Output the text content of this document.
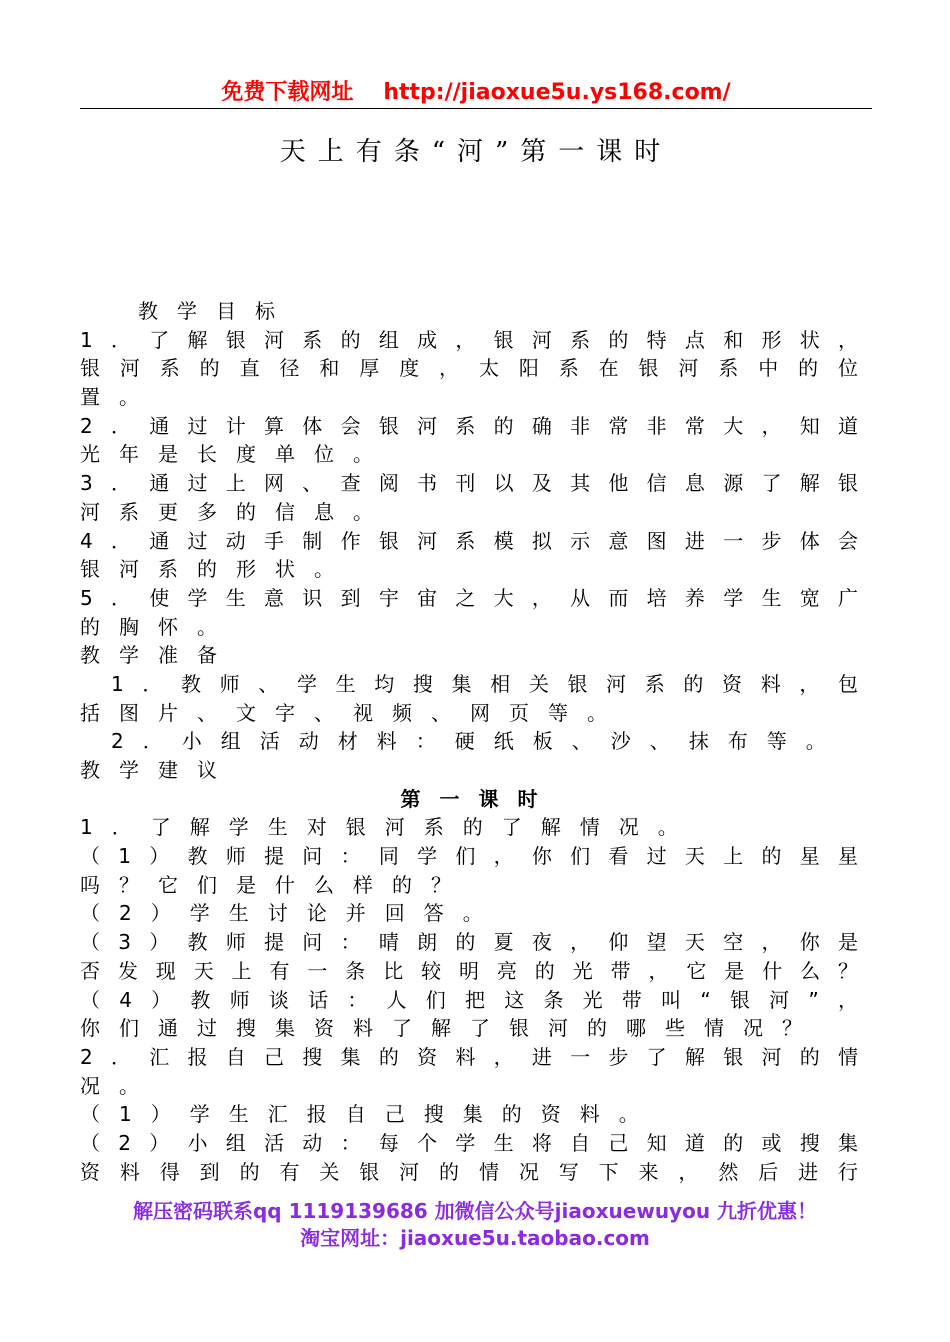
免费下载网址 http://jiaoxue5u.ys168.com/
天上有条“河”第一课时
教学目标
1．了解银河系的组成，银河系的特点和形状，
银河系的直径和厚度，太阳系在银河系中的位
置。
2．通过计算体会银河系的确非常非常大，知道
光年是长度单位。
3．通过上网、查阅书刊以及其他信息源了解银
河系更多的信息。
4．通过动手制作银河系模拟示意图进一步体会
银河系的形状。
5．使学生意识到宇宙之大，从而培养学生宽广
的胸怀。
教学准备
1．教师、学生均搜集相关银河系的资料，包
括图片、文字、视频、网页等。
2．小组活动材料：硬纸板、沙、抹布等。
教学建议
第一课时
1．了解学生对银河系的了解情况。
（1）教师提问：同学们，你们看过天上的星星
吗？它们是什么样的？
（2）学生讨论并回答。
（3）教师提问：晴朗的夏夜，仰望天空，你是
否发现天上有一条比较明亮的光带，它是什么？
（4）教师谈话：人们把这条光带叫“银河”，
你们通过搜集资料了解了银河的哪些情况？
2．汇报自己搜集的资料，进一步了解银河的情
况。
（1）学生汇报自己搜集的资料。
（2）小组活动：每个学生将自己知道的或搜集
资料得到的有关银河的情况写下来，然后进行
解压密码联系qq 1119139686 加微信公众号jiaoxuewuyou 九折优惠！
淘宝网址：jiaoxue5u.taobao.com
